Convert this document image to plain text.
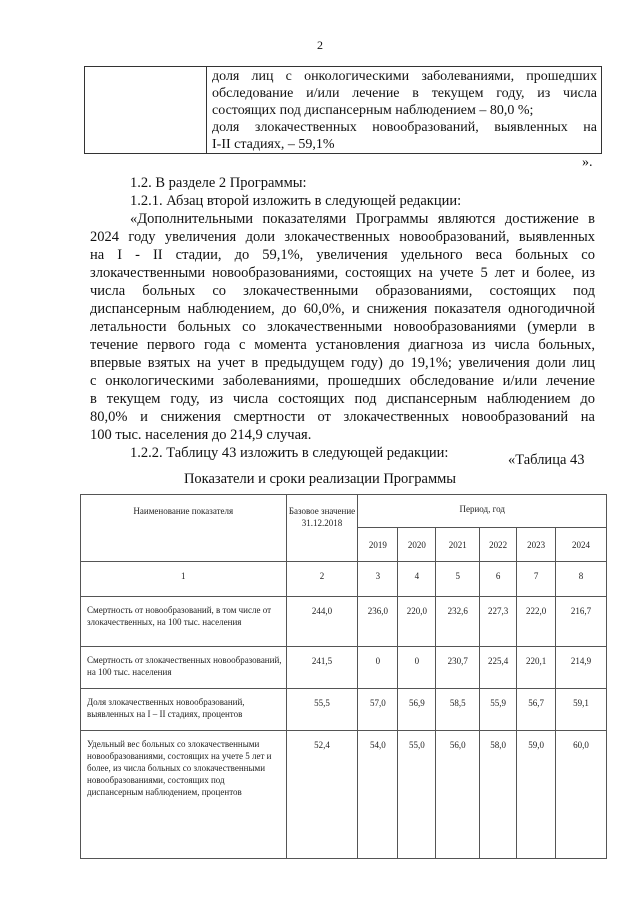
2

доля лиц с онкологическими заболеваниями, прошедших
обследование и/или лечение в текущем году, из числа
состоящих под диспансерным наблюдением – 80,0 %;
доля злокачественных новообразований, выявленных на
I-II стадиях, – 59,1%
».
1.2. В разделе 2 Программы:
1.2.1. Абзац второй изложить в следующей редакции:
«Дополнительными показателями Программы являются достижение в
2024 году увеличения доли злокачественных новообразований, выявленных
на I - II стадии, до 59,1%, увеличения удельного веса больных со
злокачественными новообразованиями, состоящих на учете 5 лет и более, из
числа больных со злокачественными образованиями, состоящих под
диспансерным наблюдением, до 60,0%, и снижения показателя одногодичной
летальности больных со злокачественными новообразованиями (умерли в
течение первого года с момента установления диагноза из числа больных,
впервые взятых на учет в предыдущем году) до 19,1%; увеличения доли лиц
с онкологическими заболеваниями, прошедших обследование и/или лечение
в текущем году, из числа состоящих под диспансерным наблюдением до
80,0% и снижения смертности от злокачественных новообразований на
100 тыс. населения до 214,9 случая.
1.2.2. Таблицу 43 изложить в следующей редакции:	«Таблица 43
Показатели и сроки реализации Программы
Наименование показателя	Базовое значение 31.12.2018	Период, год					
		2019	2020	2021	2022	2023	2024
1	2	3	4	5	6	7	8
Смертность от новообразований, в том числе от злокачественных, на 100 тыс. населения	244,0	236,0	220,0	232,6	227,3	222,0	216,7
Смертность от злокачественных новообразований, на 100 тыс. населения	241,5	0	0	230,7	225,4	220,1	214,9
Доля злокачественных новообразований, выявленных на I – II стадиях, процентов	55,5	57,0	56,9	58,5	55,9	56,7	59,1
Удельный вес больных со злокачественными новообразованиями, состоящих на учете 5 лет и более, из числа больных со злокачественными новообразованиями, состоящих под диспансерным наблюдением, процентов	52,4	54,0	55,0	56,0	58,0	59,0	60,0
